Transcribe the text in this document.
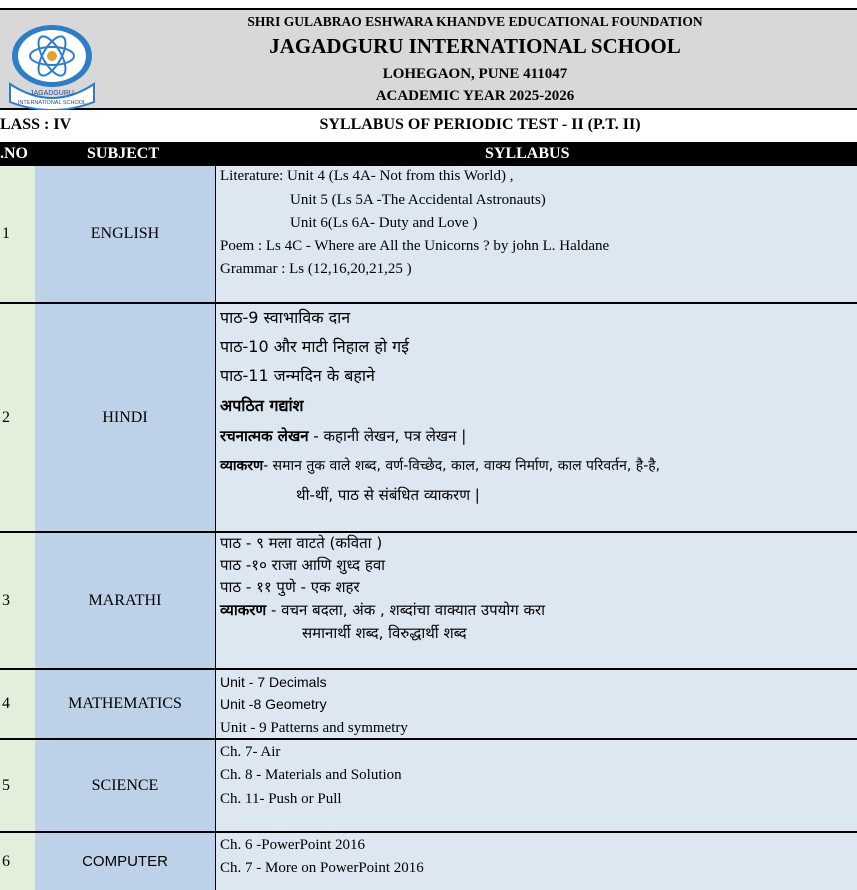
JAGADGURU
INTERNATIONAL SCHOOL
SHRI GULABRAO ESHWARA KHANDVE EDUCATIONAL FOUNDATION
JAGADGURU INTERNATIONAL SCHOOL
LOHEGAON, PUNE 411047
ACADEMIC YEAR 2025-2026
LASS : IV	SYLLABUS OF PERIODIC TEST - II (P.T. II)
.NO	SUBJECT	SYLLABUS
1	ENGLISH
Literature: Unit 4 (Ls 4A- Not from this World) ,
Unit 5 (Ls 5A -The Accidental Astronauts)
Unit 6(Ls 6A- Duty and Love )
Poem : Ls 4C - Where are All the Unicorns ? by john L. Haldane
Grammar : Ls (12,16,20,21,25 )
2	HINDI
पाठ-9 स्वाभाविक दान
पाठ-10 और माटी निहाल हो गई
पाठ-11 जन्मदिन के बहाने
अपठित गद्यांश
रचनात्मक लेखन - कहानी लेखन, पत्र लेखन |
व्याकरण- समान तुक वाले शब्द, वर्ण-विच्छेद, काल, वाक्य निर्माण, काल परिवर्तन, है-है,
थी-थीं, पाठ से संबंधित व्याकरण |
3	MARATHI
पाठ - ९ मला वाटते (कविता )
पाठ -१० राजा आणि शुध्द हवा
पाठ - ११ पुणे - एक शहर
व्याकरण - वचन बदला, अंक , शब्दांचा वाक्यात उपयोग करा
समानार्थी शब्द, विरुद्धार्थी शब्द
4	MATHEMATICS
Unit - 7 Decimals
Unit -8 Geometry
Unit - 9 Patterns and symmetry
5	SCIENCE
Ch. 7- Air
Ch. 8 - Materials and Solution
Ch. 11- Push or Pull
6	COMPUTER
Ch. 6 -PowerPoint 2016
Ch. 7 - More on PowerPoint 2016
